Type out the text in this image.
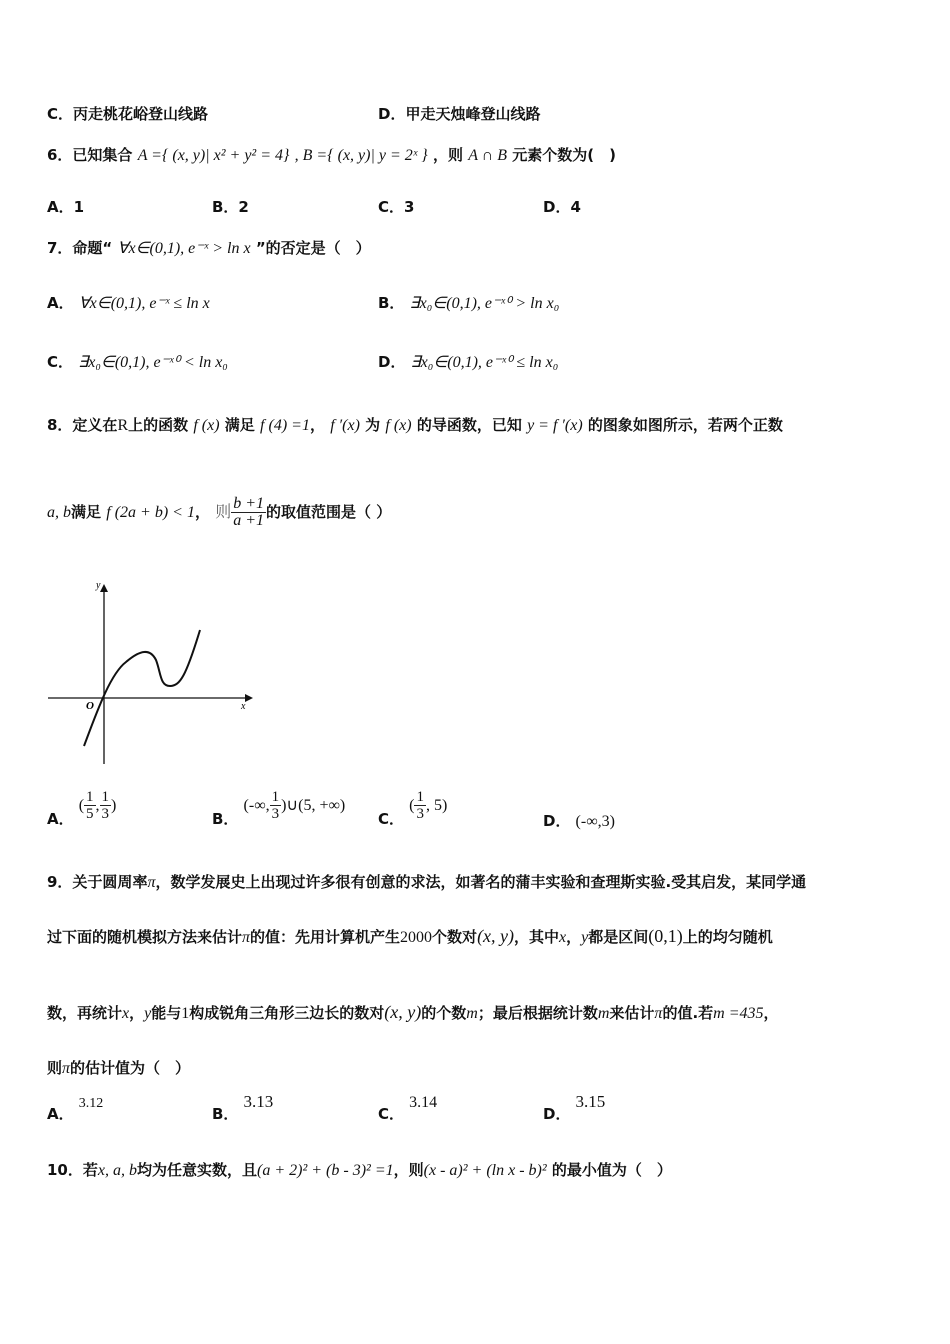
C．丙走桃花峪登山线路	D．甲走天烛峰登山线路
6．已知集合 A ={ (x, y)| x² + y² = 4} , B ={ (x, y)| y = 2ˣ } ，则 A ∩ B 元素个数为(　)
A．1	B．2	C．3	D．4
7．命题“ ∀x∈(0,1), e⁻ˣ > ln x ”的否定是（　）
A． ∀x∈(0,1), e⁻ˣ ≤ ln x	B． ∃x₀∈(0,1), e⁻ˣ⁰ > ln x₀
C． ∃x₀∈(0,1), e⁻ˣ⁰ < ln x₀	D． ∃x₀∈(0,1), e⁻ˣ⁰ ≤ ln x₀
8．定义在R上的函数 f (x) 满足 f (4) =1， f ′(x) 为 f (x) 的导函数，已知 y = f ′(x) 的图象如图所示，若两个正数
a, b满足 f (2a + b) < 1， 则 $\frac{b +1}{a +1}$ 的取值范围是（ ）
y
x
O
A． ( $\frac{1}{5}$ , $\frac{1}{3}$ )
B． (-∞, $\frac{1}{3}$ )∪(5, +∞)
C． ( $\frac{1}{3}$ , 5)
D． (-∞,3)
9．关于圆周率π，数学发展史上出现过许多很有创意的求法，如著名的蒲丰实验和查理斯实验.受其启发，某同学通
过下面的随机模拟方法来估计π的值：先用计算机产生2000个数对(x, y)，其中x，y都是区间(0,1)上的均匀随机
数，再统计x，y能与1构成锐角三角形三边长的数对(x, y)的个数m；最后根据统计数m来估计π的值.若m =435，
则π的估计值为（　）
A． 3.12
B． 3.13
C． 3.14
D． 3.15
10．若x, a, b均为任意实数，且(a + 2)² + (b - 3)² =1，则(x - a)² + (ln x - b)² 的最小值为（　）
